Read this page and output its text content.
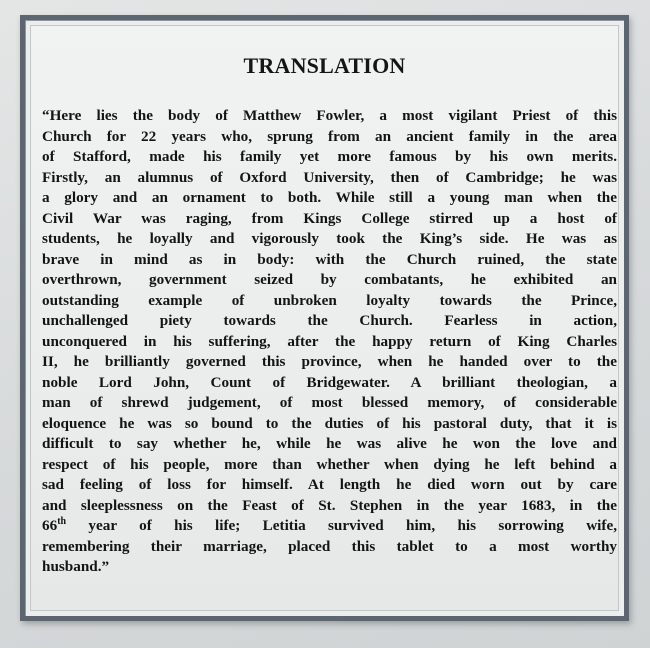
TRANSLATION
“Here lies the body of Matthew Fowler, a most vigilant Priest of this
Church for 22 years who, sprung from an ancient family in the area
of Stafford, made his family yet more famous by his own merits.
Firstly, an alumnus of Oxford University, then of Cambridge; he was
a glory and an ornament to both. While still a young man when the
Civil War was raging, from Kings College stirred up a host of
students, he loyally and vigorously took the King’s side. He was as
brave in mind as in body: with the Church ruined, the state
overthrown, government seized by combatants, he exhibited an
outstanding example of unbroken loyalty towards the Prince,
unchallenged piety towards the Church. Fearless in action,
unconquered in his suffering, after the happy return of King Charles
II, he brilliantly governed this province, when he handed over to the
noble Lord John, Count of Bridgewater. A brilliant theologian, a
man of shrewd judgement, of most blessed memory, of considerable
eloquence he was so bound to the duties of his pastoral duty, that it is
difficult to say whether he, while he was alive he won the love and
respect of his people, more than whether when dying he left behind a
sad feeling of loss for himself. At length he died worn out by care
and sleeplessness on the Feast of St. Stephen in the year 1683, in the
66th year of his life; Letitia survived him, his sorrowing wife,
remembering their marriage, placed this tablet to a most worthy
husband.”
